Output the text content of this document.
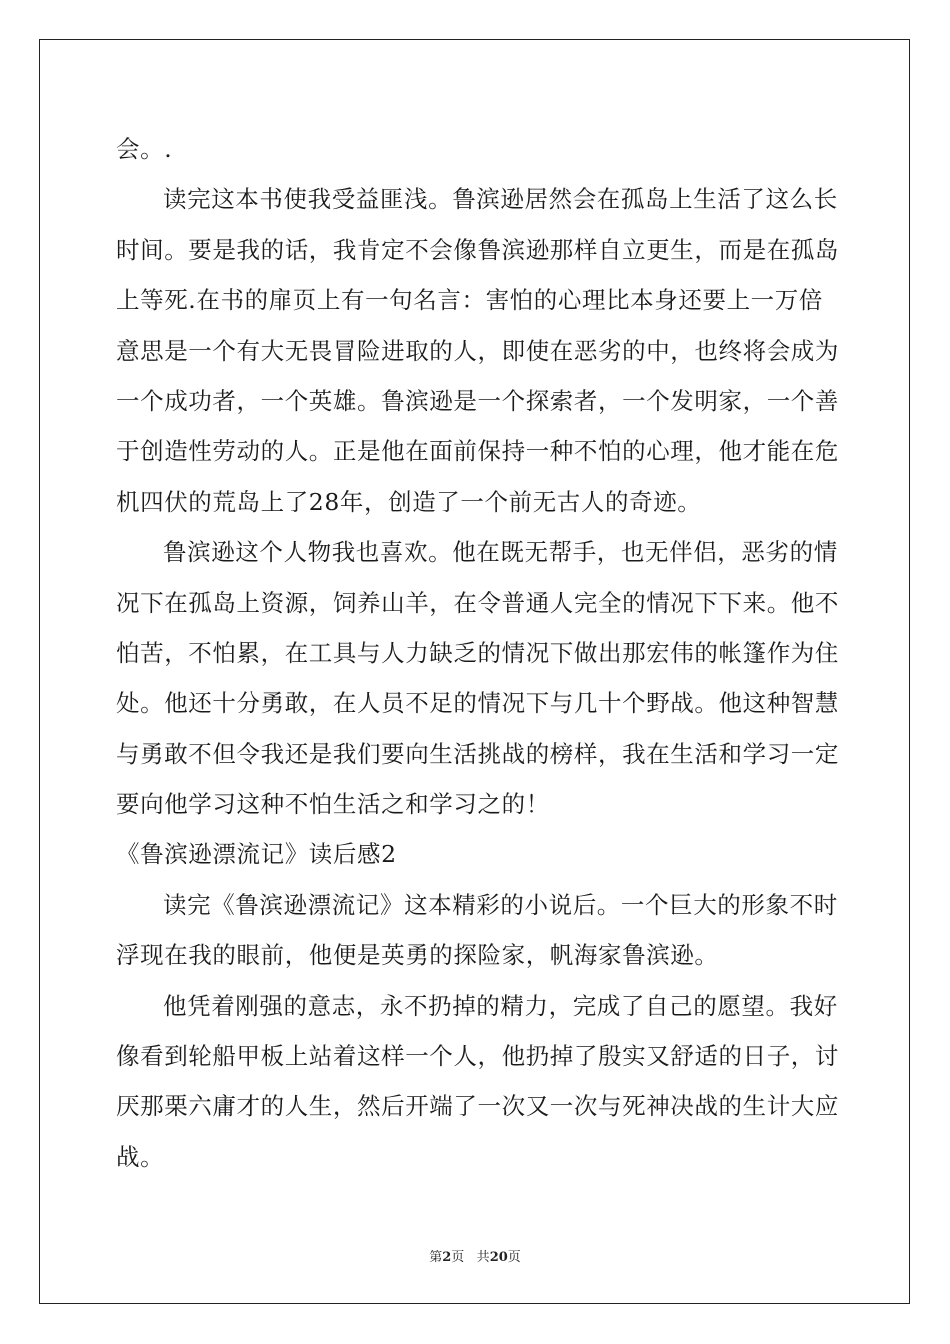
会。.
读完这本书使我受益匪浅。鲁滨逊居然会在孤岛上生活了这么长
时间。要是我的话，我肯定不会像鲁滨逊那样自立更生，而是在孤岛
上等死.在书的扉页上有一句名言：害怕的心理比本身还要上一万倍
意思是一个有大无畏冒险进取的人，即使在恶劣的中，也终将会成为
一个成功者，一个英雄。鲁滨逊是一个探索者，一个发明家，一个善
于创造性劳动的人。正是他在面前保持一种不怕的心理，他才能在危
机四伏的荒岛上了28年，创造了一个前无古人的奇迹。
鲁滨逊这个人物我也喜欢。他在既无帮手，也无伴侣，恶劣的情
况下在孤岛上资源，饲养山羊，在令普通人完全的情况下下来。他不
怕苦，不怕累，在工具与人力缺乏的情况下做出那宏伟的帐篷作为住
处。他还十分勇敢，在人员不足的情况下与几十个野战。他这种智慧
与勇敢不但令我还是我们要向生活挑战的榜样，我在生活和学习一定
要向他学习这种不怕生活之和学习之的！
《鲁滨逊漂流记》读后感2
读完《鲁滨逊漂流记》这本精彩的小说后。一个巨大的形象不时
浮现在我的眼前，他便是英勇的探险家，帆海家鲁滨逊。
他凭着刚强的意志，永不扔掉的精力，完成了自己的愿望。我好
像看到轮船甲板上站着这样一个人，他扔掉了殷实又舒适的日子，讨
厌那栗六庸才的人生，然后开端了一次又一次与死神决战的生计大应
战。
第2页 共20页
